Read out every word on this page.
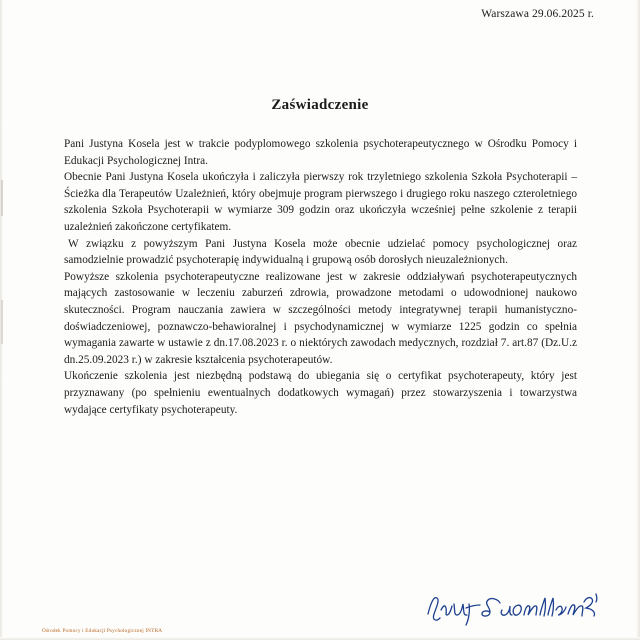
Warszawa 29.06.2025 r.
Zaświadczenie

Pani Justyna Kosela jest w trakcie podyplomowego szkolenia psychoterapeutycznego w Ośrodku Pomocy i Edukacji Psychologicznej Intra.

Obecnie Pani Justyna Kosela ukończyła i zaliczyła pierwszy rok trzyletniego szkolenia Szkoła Psychoterapii – Ścieżka dla Terapeutów Uzależnień, który obejmuje program pierwszego i drugiego roku naszego czteroletniego szkolenia Szkoła Psychoterapii w wymiarze 309 godzin oraz ukończyła wcześniej pełne szkolenie z terapii uzależnień zakończone certyfikatem.

W związku z powyższym Pani Justyna Kosela może obecnie udzielać pomocy psychologicznej oraz samodzielnie prowadzić psychoterapię indywidualną i grupową osób dorosłych nieuzależnionych.

Powyższe szkolenia psychoterapeutyczne realizowane jest w zakresie oddziaływań psychoterapeutycznych mających zastosowanie w leczeniu zaburzeń zdrowia, prowadzone metodami o udowodnionej naukowo skuteczności. Program nauczania zawiera w szczególności metody integratywnej terapii humanistyczno-doświadczeniowej, poznawczo-behawioralnej i psychodynamicznej w wymiarze 1225 godzin co spełnia wymagania zawarte w ustawie z dn.17.08.2023 r. o niektórych zawodach medycznych, rozdział 7. art.87 (Dz.U.z dn.25.09.2023 r.) w zakresie kształcenia psychoterapeutów.

Ukończenie szkolenia jest niezbędną podstawą do ubiegania się o certyfikat psychoterapeuty, który jest przyznawany (po spełnieniu ewentualnych dodatkowych wymagań) przez stowarzyszenia i towarzystwa wydające certyfikaty psychoterapeuty.

Ośrodek Pomocy i Edukacji Psychologicznej INTRA
